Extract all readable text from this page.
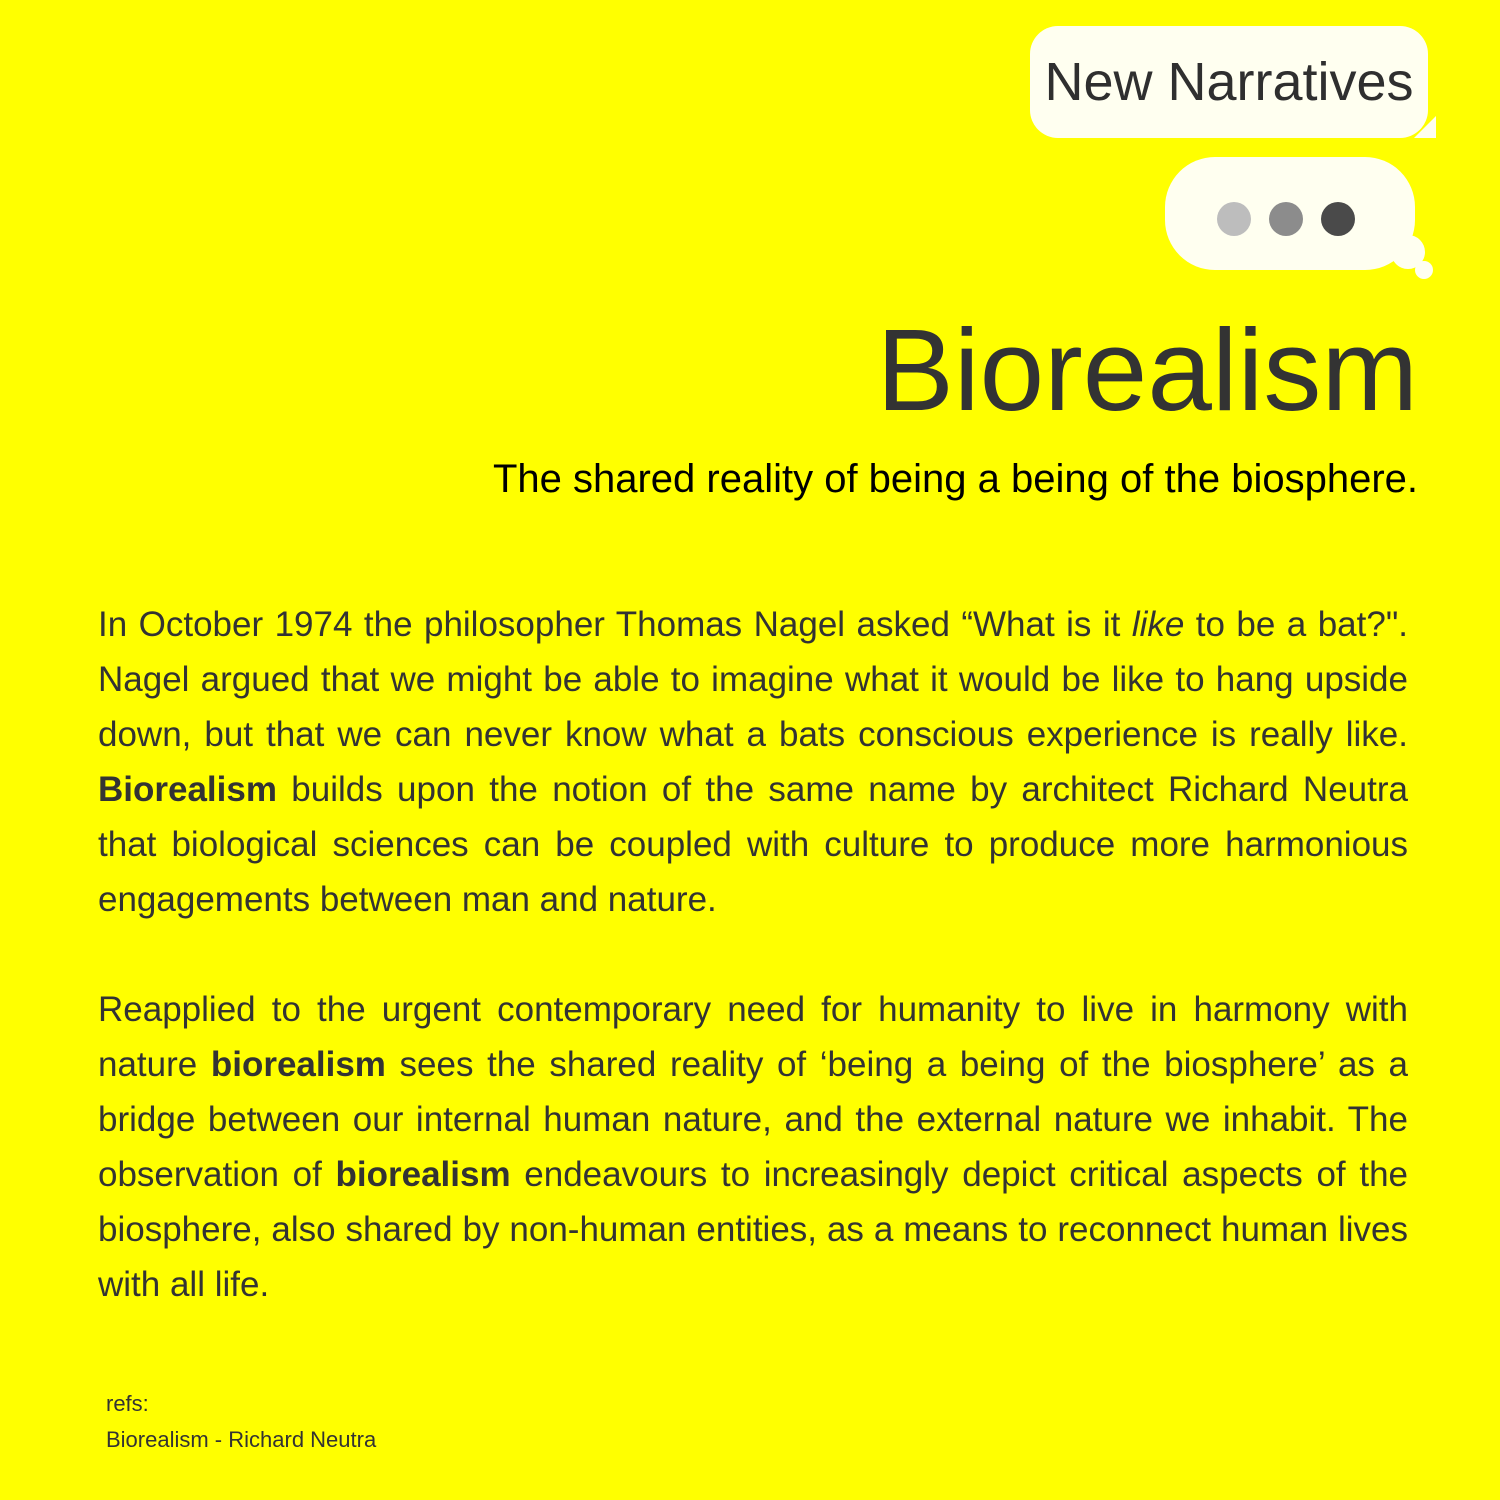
New Narratives
Biorealism
The shared reality of being a being of the biosphere.

In October 1974 the philosopher Thomas Nagel asked “What is it like to be a bat?". Nagel argued that we might be able to imagine what it would be like to hang upside down, but that we can never know what a bats conscious experience is really like. Biorealism builds upon the notion of the same name by architect Richard Neutra that biological sciences can be coupled with culture to produce more harmonious engagements between man and nature.

Reapplied to the urgent contemporary need for humanity to live in harmony with nature biorealism sees the shared reality of ‘being a being of the biosphere’ as a bridge between our internal human nature, and the external nature we inhabit. The observation of biorealism endeavours to increasingly depict critical aspects of the biosphere, also shared by non-human entities, as a means to reconnect human lives with all life.

refs:
Biorealism - Richard Neutra
